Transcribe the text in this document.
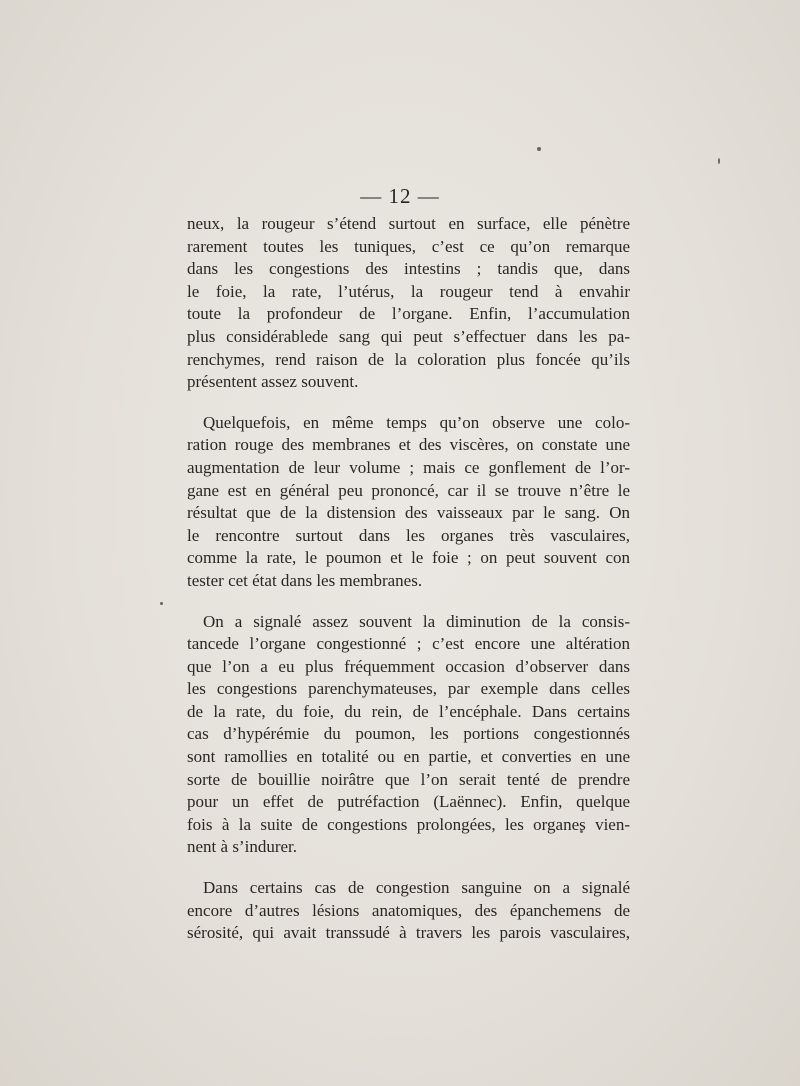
— 12 —
neux, la rougeur s’étend surtout en surface, elle pénètre
rarement toutes les tuniques, c’est ce qu’on remarque
dans les congestions des intestins ; tandis que, dans
le foie, la rate, l’utérus, la rougeur tend à envahir
toute la profondeur de l’organe. Enfin, l’accumulation
plus considérablede sang qui peut s’effectuer dans les pa-
renchymes, rend raison de la coloration plus foncée qu’ils
présentent assez souvent.
Quelquefois, en même temps qu’on observe une colo-
ration rouge des membranes et des viscères, on constate une
augmentation de leur volume ; mais ce gonflement de l’or-
gane est en général peu prononcé, car il se trouve n’être le
résultat que de la distension des vaisseaux par le sang. On
le rencontre surtout dans les organes très vasculaires,
comme la rate, le poumon et le foie ; on peut souvent con
tester cet état dans les membranes.
On a signalé assez souvent la diminution de la consis-
tancede l’organe congestionné ; c’est encore une altération
que l’on a eu plus fréquemment occasion d’observer dans
les congestions parenchymateuses, par exemple dans celles
de la rate, du foie, du rein, de l’encéphale. Dans certains
cas d’hypérémie du poumon, les portions congestionnés
sont ramollies en totalité ou en partie, et converties en une
sorte de bouillie noirâtre que l’on serait tenté de prendre
pour un effet de putréfaction (Laënnec). Enfin, quelque
fois à la suite de congestions prolongées, les organes vien-
nent à s’indurer.
Dans certains cas de congestion sanguine on a signalé
encore d’autres lésions anatomiques, des épanchemens de
sérosité, qui avait transsudé à travers les parois vasculaires,
